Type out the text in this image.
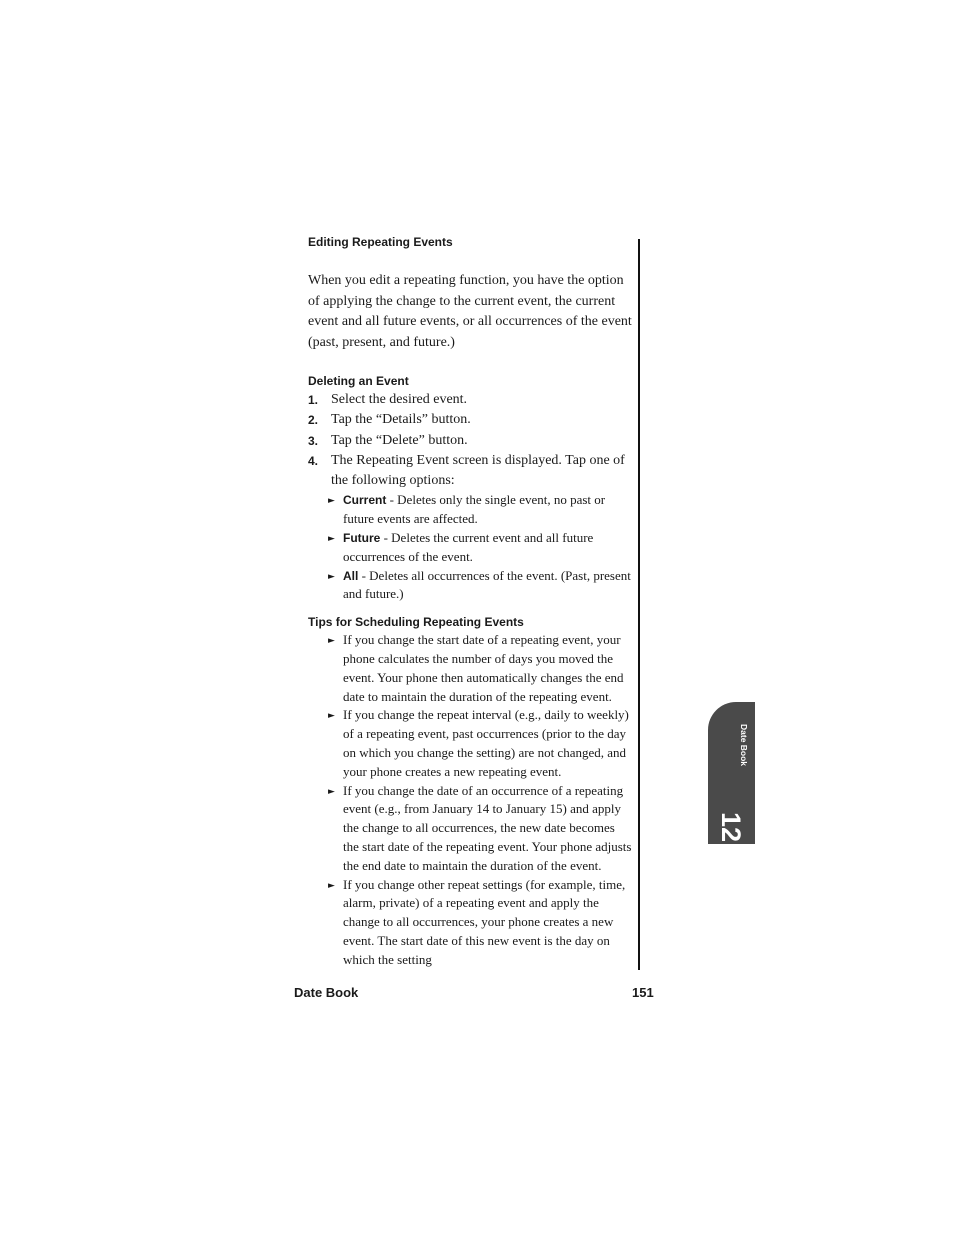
Editing Repeating Events
When you edit a repeating function, you have the option of applying the change to the current event, the current event and all future events, or all occurrences of the event (past, present, and future.)
Deleting an Event
1. Select the desired event.
2. Tap the “Details” button.
3. Tap the “Delete” button.
4. The Repeating Event screen is displayed. Tap one of the following options:
► Current - Deletes only the single event, no past or future events are affected.
► Future - Deletes the current event and all future occurrences of the event.
► All - Deletes all occurrences of the event. (Past, present and future.)
Tips for Scheduling Repeating Events
► If you change the start date of a repeating event, your phone calculates the number of days you moved the event. Your phone then automatically changes the end date to maintain the duration of the repeating event.
► If you change the repeat interval (e.g., daily to weekly) of a repeating event, past occurrences (prior to the day on which you change the setting) are not changed, and your phone creates a new repeating event.
► If you change the date of an occurrence of a repeating event (e.g., from January 14 to January 15) and apply the change to all occurrences, the new date becomes the start date of the repeating event. Your phone adjusts the end date to maintain the duration of the event.
► If you change other repeat settings (for example, time, alarm, private) of a repeating event and apply the change to all occurrences, your phone creates a new event. The start date of this new event is the day on which the setting
Date Book
12
Date Book	151
